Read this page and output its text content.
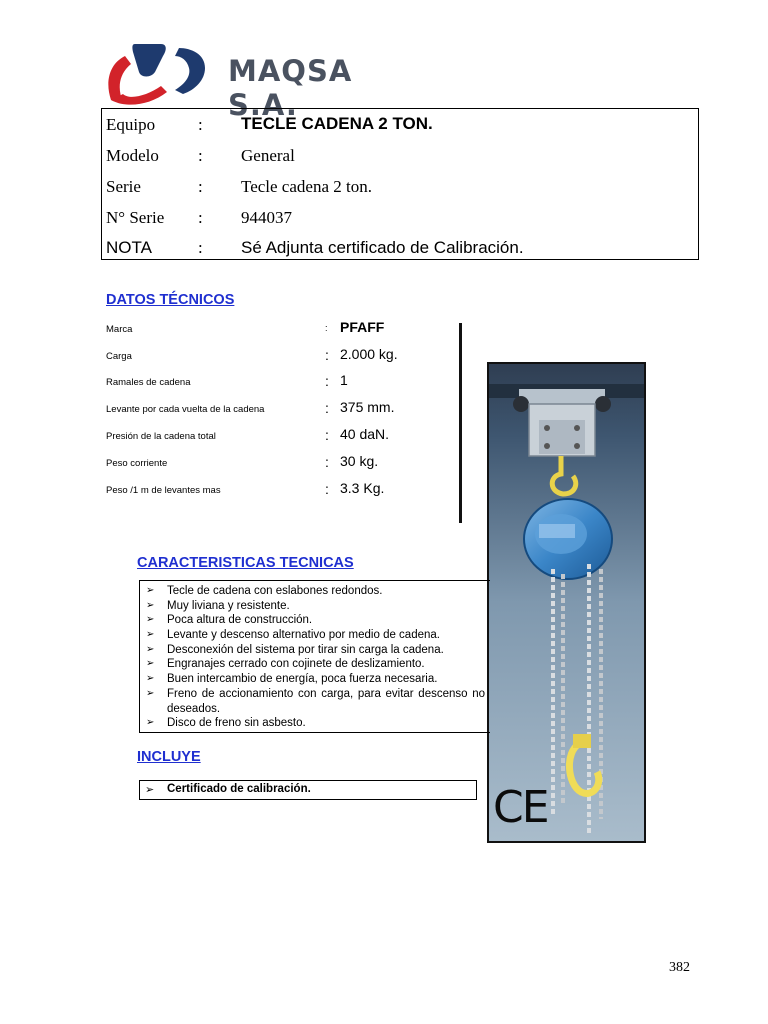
MAQSA S.A.
Equipo	: TECLE CADENA 2 TON.
Modelo : General
Serie	: Tecle cadena 2 ton.
N° Serie : 944037
NOTA	: Sé Adjunta certificado de Calibración.
DATOS TÉCNICOS
Marca	: PFAFF
Carga	: 2.000 kg.
Ramales de cadena	: 1
Levante por cada vuelta de la cadena	: 375 mm.
Presión de la cadena total	: 40 daN.
Peso corriente	: 30 kg.
Peso /1 m de levantes mas	: 3.3 Kg.
CE
CARACTERISTICAS TECNICAS
➢ Tecle de cadena con eslabones redondos.
➢ Muy liviana y resistente.
➢ Poca altura de construcción.
➢ Levante y descenso alternativo por medio de cadena.
➢ Desconexión del sistema por tirar sin carga la cadena.
➢ Engranajes cerrado con cojinete de deslizamiento.
➢ Buen intercambio de energía, poca fuerza necesaria.
➢ Freno de accionamiento con carga, para evitar descenso no deseados.
➢ Disco de freno sin asbesto.
INCLUYE
➢ Certificado de calibración.
382
